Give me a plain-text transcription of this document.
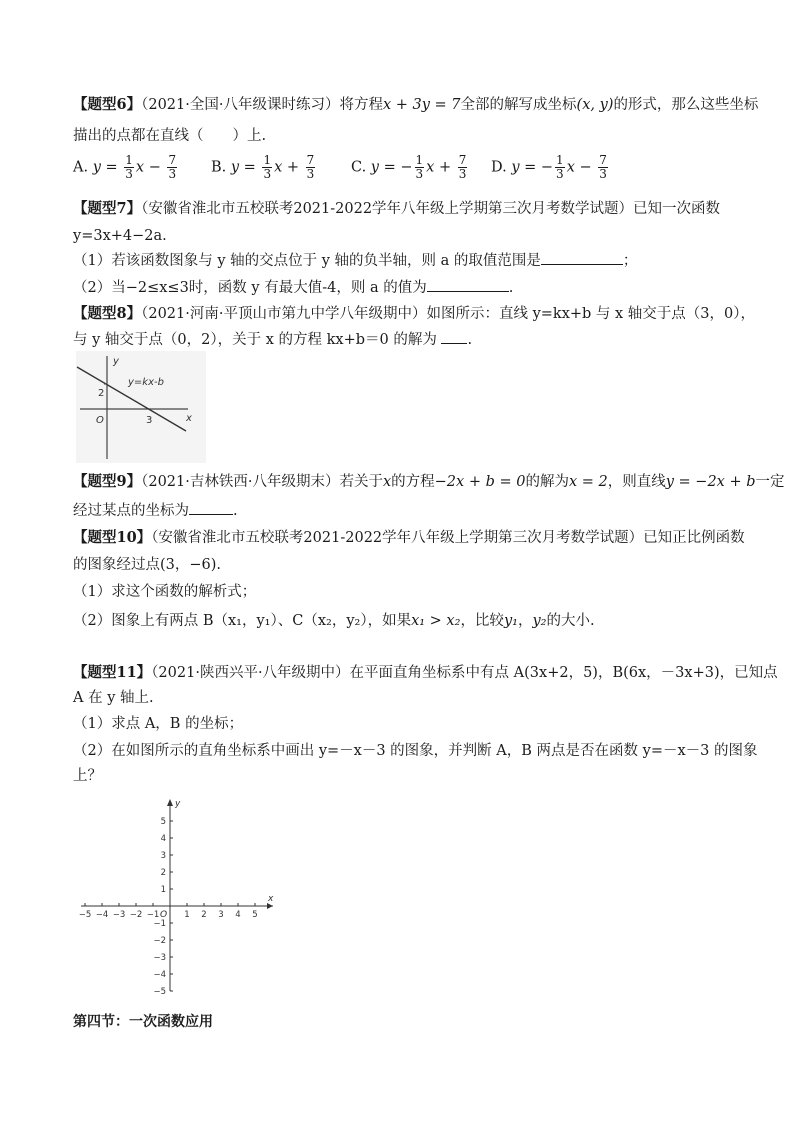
【题型6】（2021·全国·八年级课时练习）将方程x + 3y = 7全部的解写成坐标(x, y)的形式，那么这些坐标
描出的点都在直线（　　）上.
A. $y = \frac{1}{3}$ $x - \frac{7}{3} B$. $y = \frac{1}{3}$ $x + \frac{7}{3} C$. y = − $\frac{1}{3}$ $x + \frac{7}{3} D$. y = − $\frac{1}{3}$ $x - \frac{7}{3}$
【题型7】（安徽省淮北市五校联考2021-2022学年八年级上学期第三次月考数学试题）已知一次函数
y=3x+4−2a.
（1）若该函数图象与 y 轴的交点位于 y 轴的负半轴，则 a 的取值范围是	；
（2）当−2≤x≤3时，函数 y 有最大值-4，则 a 的值为	.
【题型8】（2021·河南·平顶山市第九中学八年级期中）如图所示：直线 y=kx+b 与 x 轴交于点（3，0），
与 y 轴交于点（0，2），关于 x 的方程 kx+b＝0 的解为 .
y
x
y=kx-b
2
O	3
【题型9】（2021·吉林铁西·八年级期末）若关于x的方程−2x + b = 0的解为x = 2，则直线y = −2x + b一定
经过某点的坐标为	.
【题型10】（安徽省淮北市五校联考2021-2022学年八年级上学期第三次月考数学试题）已知正比例函数
的图象经过点(3，−6).
（1）求这个函数的解析式；
（2）图象上有两点 B（x₁，y₁）、C（x₂，y₂），如果x₁ > x₂，比较y₁，y₂的大小.
【题型11】（2021·陕西兴平·八年级期中）在平面直角坐标系中有点 A(3x+2，5)，B(6x，－3x+3)，已知点
A 在 y 轴上.
（1）求点 A，B 的坐标；
（2）在如图所示的直角坐标系中画出 y=－x－3 的图象，并判断 A，B 两点是否在函数 y=－x－3 的图象
上？
x
y
O
−5 −4 −3 −2 −1	1 2 3 4 5
5
4
3
2
1
−1
−2
−3
−4
−5
第四节：一次函数应用
